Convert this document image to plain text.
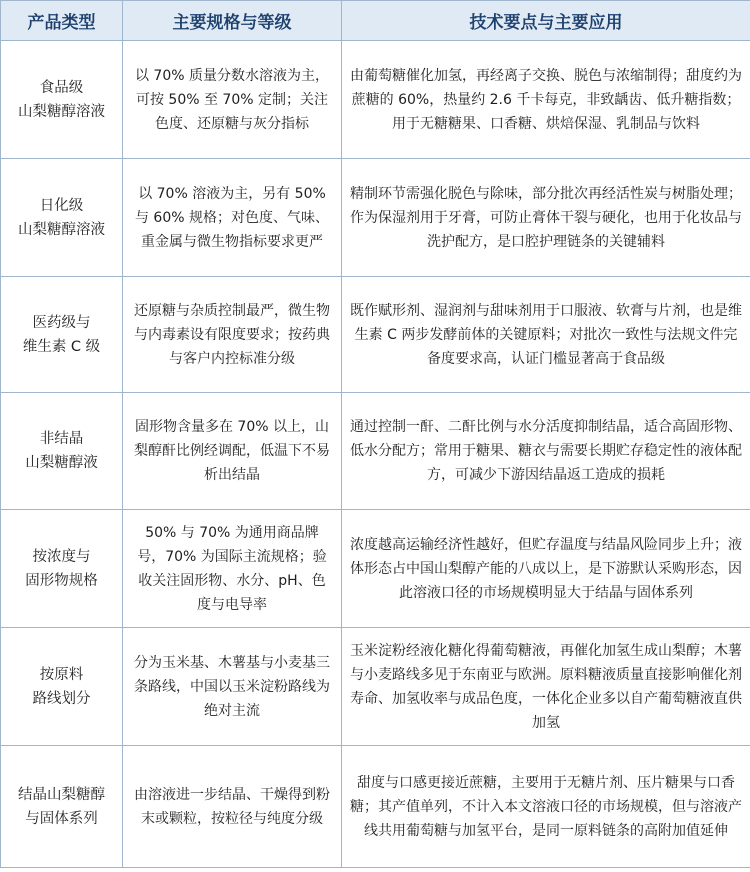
产品类型	主要规格与等级	技术要点与主要应用
食品级
山梨糖醇溶液	以 70% 质量分数水溶液为主，可按 50% 至 70% 定制；关注色度、还原糖与灰分指标	由葡萄糖催化加氢，再经离子交换、脱色与浓缩制得；甜度约为蔗糖的 60%，热量约 2.6 千卡每克，非致龋齿、低升糖指数；用于无糖糖果、口香糖、烘焙保湿、乳制品与饮料
日化级
山梨糖醇溶液	以 70% 溶液为主，另有 50% 与 60% 规格；对色度、气味、重金属与微生物指标要求更严	精制环节需强化脱色与除味，部分批次再经活性炭与树脂处理；作为保湿剂用于牙膏，可防止膏体干裂与硬化，也用于化妆品与洗护配方，是口腔护理链条的关键辅料
医药级与
维生素 C 级	还原糖与杂质控制最严，微生物与内毒素设有限度要求；按药典与客户内控标准分级	既作赋形剂、湿润剂与甜味剂用于口服液、软膏与片剂，也是维生素 C 两步发酵前体的关键原料；对批次一致性与法规文件完备度要求高，认证门槛显著高于食品级
非结晶
山梨糖醇液	固形物含量多在 70% 以上，山梨醇酐比例经调配，低温下不易析出结晶	通过控制一酐、二酐比例与水分活度抑制结晶，适合高固形物、低水分配方；常用于糖果、糖衣与需要长期贮存稳定性的液体配方，可减少下游因结晶返工造成的损耗
按浓度与
固形物规格	50% 与 70% 为通用商品牌号，70% 为国际主流规格；验收关注固形物、水分、pH、色度与电导率	浓度越高运输经济性越好，但贮存温度与结晶风险同步上升；液体形态占中国山梨醇产能的八成以上，是下游默认采购形态，因此溶液口径的市场规模明显大于结晶与固体系列
按原料
路线划分	分为玉米基、木薯基与小麦基三条路线，中国以玉米淀粉路线为绝对主流	玉米淀粉经液化糖化得葡萄糖液，再催化加氢生成山梨醇；木薯与小麦路线多见于东南亚与欧洲。原料糖液质量直接影响催化剂寿命、加氢收率与成品色度，一体化企业多以自产葡萄糖液直供加氢
结晶山梨糖醇
与固体系列	由溶液进一步结晶、干燥得到粉末或颗粒，按粒径与纯度分级	甜度与口感更接近蔗糖，主要用于无糖片剂、压片糖果与口香糖；其产值单列，不计入本文溶液口径的市场规模，但与溶液产线共用葡萄糖与加氢平台，是同一原料链条的高附加值延伸
